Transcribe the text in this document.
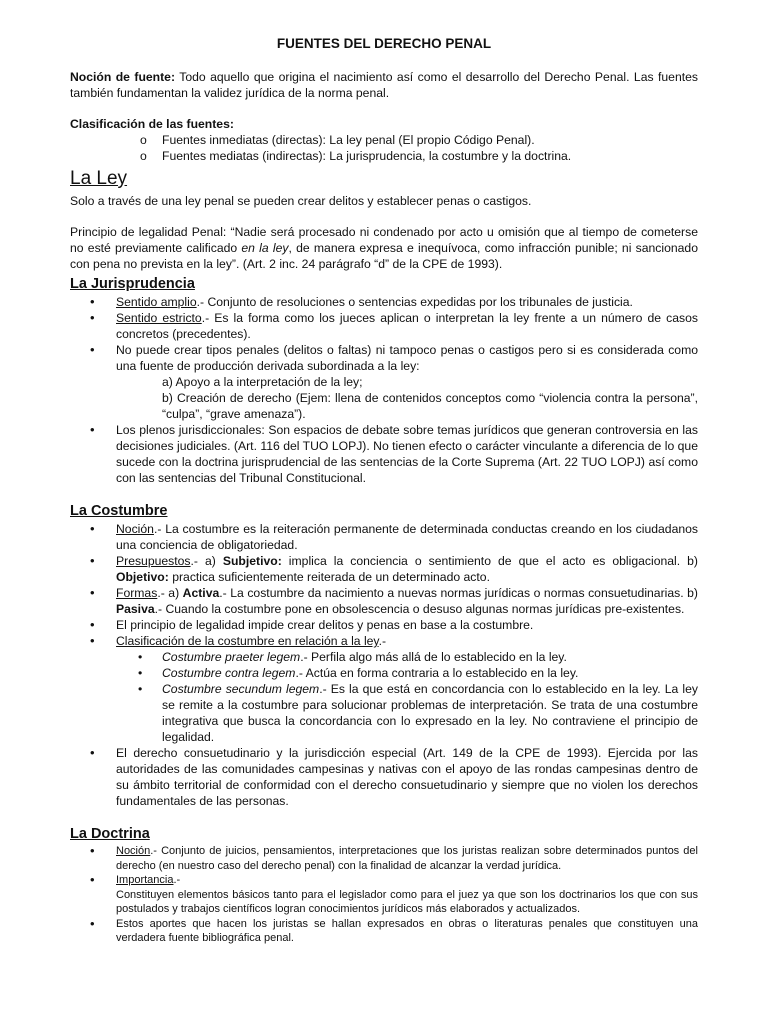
FUENTES DEL DERECHO PENAL

Noción de fuente: Todo aquello que origina el nacimiento así como el desarrollo del Derecho Penal. Las fuentes también fundamentan la validez jurídica de la norma penal.

Clasificación de las fuentes:

o Fuentes inmediatas (directas): La ley penal (El propio Código Penal).
o Fuentes mediatas (indirectas): La jurisprudencia, la costumbre y la doctrina.
La Ley

Solo a través de una ley penal se pueden crear delitos y establecer penas o castigos.

Principio de legalidad Penal: “Nadie será procesado ni condenado por acto u omisión que al tiempo de cometerse no esté previamente calificado en la ley, de manera expresa e inequívoca, como infracción punible; ni sancionado con pena no prevista en la ley”. (Art. 2 inc. 24 parágrafo “d” de la CPE de 1993).

La Jurisprudencia
• Sentido amplio.- Conjunto de resoluciones o sentencias expedidas por los tribunales de justicia.
• Sentido estricto.- Es la forma como los jueces aplican o interpretan la ley frente a un número de casos concretos (precedentes).
• No puede crear tipos penales (delitos o faltas) ni tampoco penas o castigos pero si es considerada como una fuente de producción derivada subordinada a la ley:

a) Apoyo a la interpretación de la ley;

b) Creación de derecho (Ejem: llena de contenidos conceptos como “violencia contra la persona”, “culpa”, “grave amenaza”).

• Los plenos jurisdiccionales: Son espacios de debate sobre temas jurídicos que generan controversia en las decisiones judiciales. (Art. 116 del TUO LOPJ). No tienen efecto o carácter vinculante a diferencia de lo que sucede con la doctrina jurisprudencial de las sentencias de la Corte Suprema (Art. 22 TUO LOPJ) así como con las sentencias del Tribunal Constitucional.
La Costumbre
• Noción.- La costumbre es la reiteración permanente de determinada conductas creando en los ciudadanos una conciencia de obligatoriedad.
• Presupuestos.- a) Subjetivo: implica la conciencia o sentimiento de que el acto es obligacional. b) Objetivo: practica suficientemente reiterada de un determinado acto.
• Formas.- a) Activa.- La costumbre da nacimiento a nuevas normas jurídicas o normas consuetudinarias. b) Pasiva.- Cuando la costumbre pone en obsolescencia o desuso algunas normas jurídicas pre-existentes.
• El principio de legalidad impide crear delitos y penas en base a la costumbre.
• Clasificación de la costumbre en relación a la ley.-
• Costumbre praeter legem.- Perfila algo más allá de lo establecido en la ley.
• Costumbre contra legem.- Actúa en forma contraria a lo establecido en la ley.
• Costumbre secundum legem.- Es la que está en concordancia con lo establecido en la ley. La ley se remite a la costumbre para solucionar problemas de interpretación. Se trata de una costumbre integrativa que busca la concordancia con lo expresado en la ley. No contraviene el principio de legalidad.
• El derecho consuetudinario y la jurisdicción especial (Art. 149 de la CPE de 1993). Ejercida por las autoridades de las comunidades campesinas y nativas con el apoyo de las rondas campesinas dentro de su ámbito territorial de conformidad con el derecho consuetudinario y siempre que no violen los derechos fundamentales de las personas.
La Doctrina
• Noción.- Conjunto de juicios, pensamientos, interpretaciones que los juristas realizan sobre determinados puntos del derecho (en nuestro caso del derecho penal) con la finalidad de alcanzar la verdad jurídica.
• Importancia.-

Constituyen elementos básicos tanto para el legislador como para el juez ya que son los doctrinarios los que con sus postulados y trabajos científicos logran conocimientos jurídicos más elaborados y actualizados.

• Estos aportes que hacen los juristas se hallan expresados en obras o literaturas penales que constituyen una verdadera fuente bibliográfica penal.
